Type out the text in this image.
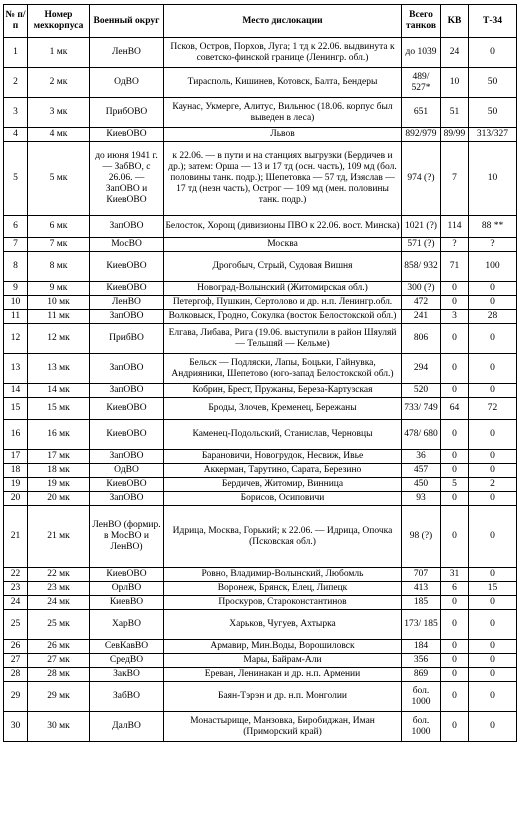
№ п/п	Номер мехкорпуса	Военный округ	Место дислокации	Всего танков	KB	Т-34
1	1 мк	ЛенВО	Псков, Остров, Порхов, Луга; 1 тд к 22.06. выдвинута к советско-финской границе (Ленингр. обл.)	до 1039	24	0
2	2 мк	ОдВО	Тирасполь, Кишинев, Котовск, Балта, Бендеры	489/ 527*	10	50
3	3 мк	ПрибОВО	Каунас, Укмерге, Алитус, Вильнюс (18.06. корпус был выведен в леса)	651	51	50
4	4 мк	КиевОВО	Львов	892/979	89/99	313/327
5	5 мк	до июня 1941 г. — ЗабВО, с 26.06. — ЗапОВО и КиевОВО	к 22.06. — в пути и на станциях выгрузки (Бердичев и др.); затем: Орша — 13 и 17 тд (осн. часть), 109 мд (бол. половины танк. подр.); Шепетовка — 57 тд, Изяслав — 17 тд (незн часть), Острог — 109 мд (мен. половины танк. подр.)	974 (?)	7	10
6	6 мк	ЗапОВО	Белосток, Хорощ (дивизионы ПВО к 22.06. вост. Минска)	1021 (?)	114	88 **
7	7 мк	МосВО	Москва	571 (?)	?	?
8	8 мк	КиевОВО	Дрогобыч, Стрый, Судовая Вишня	858/ 932	71	100
9	9 мк	КиевОВО	Новоград-Волынский (Житомирская обл.)	300 (?)	0	0
10	10 мк	ЛенВО	Петергоф, Пушкин, Сертолово и др. н.п. Ленингр.обл.	472	0	0
11	11 мк	ЗапОВО	Волковыск, Гродно, Сокулка (восток Белостокской обл.)	241	3	28
12	12 мк	ПрибВО	Елгава, Либава, Рига (19.06. выступили в район Шяуляй — Тельшяй — Кельме)	806	0	0
13	13 мк	ЗапОВО	Бельск — Подляски, Лапы, Боцьки, Гайнувка, Андрияники, Шепетово (юго-запад Белостокской обл.)	294	0	0
14	14 мк	ЗапОВО	Кобрин, Брест, Пружаны, Береза-Картузская	520	0	0
15	15 мк	КиевОВО	Броды, Злочев, Кременец, Бережаны	733/ 749	64	72
16	16 мк	КиевОВО	Каменец-Подольский, Станислав, Черновцы	478/ 680	0	0
17	17 мк	ЗапОВО	Барановичи, Новогрудок, Несвиж, Ивье	36	0	0
18	18 мк	ОдВО	Аккерман, Тарутино, Сарата, Березино	457	0	0
19	19 мк	КиевОВО	Бердичев, Житомир, Винница	450	5	2
20	20 мк	ЗапОВО	Борисов, Осиповичи	93	0	0
21	21 мк	ЛенВО (формир. в МосВО и ЛенВО)	Идрица, Москва, Горький; к 22.06. — Идрица, Опочка (Псковская обл.)	98 (?)	0	0
22	22 мк	КиевОВО	Ровно, Владимир-Волынский, Любомль	707	31	0
23	23 мк	ОрлВО	Воронеж, Брянск, Елец, Липецк	413	6	15
24	24 мк	КиевВО	Проскуров, Староконстантинов	185	0	0
25	25 мк	ХарВО	Харьков, Чугуев, Ахтырка	173/ 185	0	0
26	26 мк	СевКавВО	Армавир, Мин.Воды, Ворошиловск	184	0	0
27	27 мк	СредВО	Мары, Байрам-Али	356	0	0
28	28 мк	ЗакВО	Ереван, Ленинакан и др. н.п. Армении	869	0	0
29	29 мк	ЗабВО	Баян-Тэрэн и др. н.п. Монголии	бол. 1000	0	0
30	30 мк	ДалВО	Монастырище, Манзовка, Биробиджан, Иман (Приморский край)	бол. 1000	0	0
